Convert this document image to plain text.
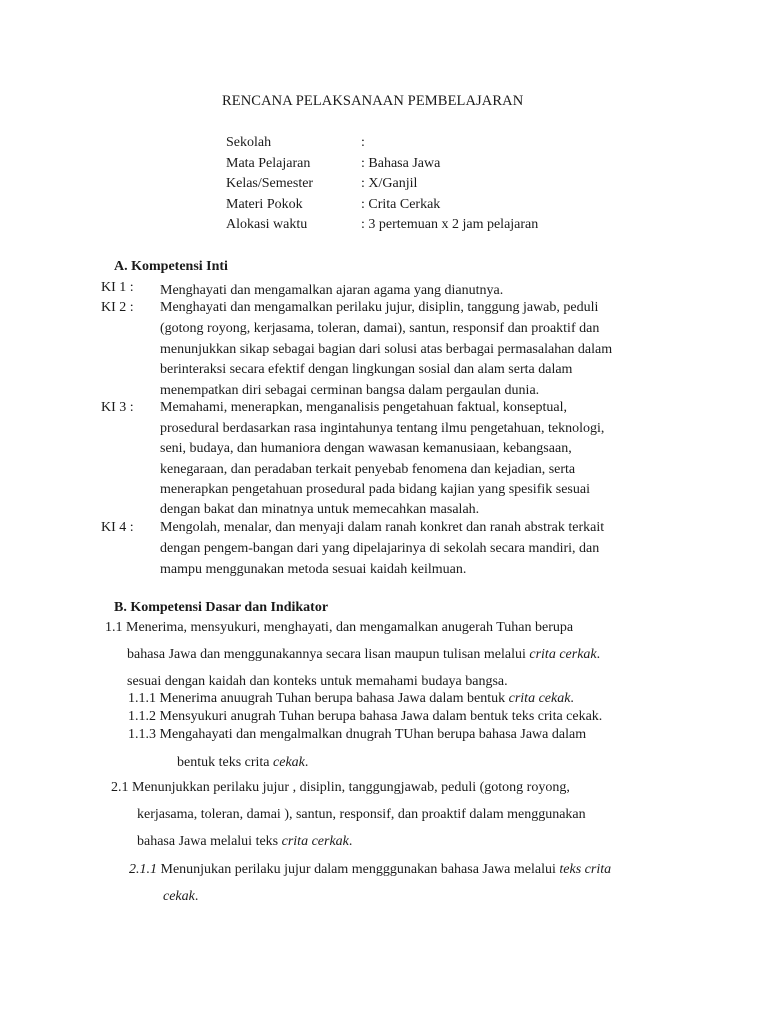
RENCANA PELAKSANAAN PEMBELAJARAN
Sekolah	:
Mata Pelajaran	: Bahasa Jawa
Kelas/Semester	: X/Ganjil
Materi Pokok	: Crita Cerkak
Alokasi waktu	: 3 pertemuan x 2 jam pelajaran
A. Kompetensi Inti
KI 1 : Menghayati dan mengamalkan ajaran agama yang dianutnya.
KI 2 : Menghayati dan mengamalkan perilaku jujur, disiplin, tanggung jawab, peduli
(gotong royong, kerjasama, toleran, damai), santun, responsif dan proaktif dan
menunjukkan sikap sebagai bagian dari solusi atas berbagai permasalahan dalam
berinteraksi secara efektif dengan lingkungan sosial dan alam serta dalam
menempatkan diri sebagai cerminan bangsa dalam pergaulan dunia.
KI 3 : Memahami, menerapkan, menganalisis pengetahuan faktual, konseptual,
prosedural berdasarkan rasa ingintahunya tentang ilmu pengetahuan, teknologi,
seni, budaya, dan humaniora dengan wawasan kemanusiaan, kebangsaan,
kenegaraan, dan peradaban terkait penyebab fenomena dan kejadian, serta
menerapkan pengetahuan prosedural pada bidang kajian yang spesifik sesuai
dengan bakat dan minatnya untuk memecahkan masalah.
KI 4 : Mengolah, menalar, dan menyaji dalam ranah konkret dan ranah abstrak terkait
dengan pengem-bangan dari yang dipelajarinya di sekolah secara mandiri, dan
mampu menggunakan metoda sesuai kaidah keilmuan.
B. Kompetensi Dasar dan Indikator
1.1 Menerima, mensyukuri, menghayati, dan mengamalkan anugerah Tuhan berupa
bahasa Jawa dan menggunakannya secara lisan maupun tulisan melalui crita cerkak.
sesuai dengan kaidah dan konteks untuk memahami budaya bangsa.
1.1.1 Menerima anuugrah Tuhan berupa bahasa Jawa dalam bentuk crita cekak.
1.1.2 Mensyukuri anugrah Tuhan berupa bahasa Jawa dalam bentuk teks crita cekak.
1.1.3 Mengahayati dan mengalmalkan dnugrah TUhan berupa bahasa Jawa dalam
bentuk teks crita cekak.
2.1 Menunjukkan perilaku jujur , disiplin, tanggungjawab, peduli (gotong royong,
kerjasama, toleran, damai ), santun, responsif, dan proaktif dalam menggunakan
bahasa Jawa melalui teks crita cerkak.
2.1.1 Menunjukan perilaku jujur dalam mengggunakan bahasa Jawa melalui teks crita
cekak.
